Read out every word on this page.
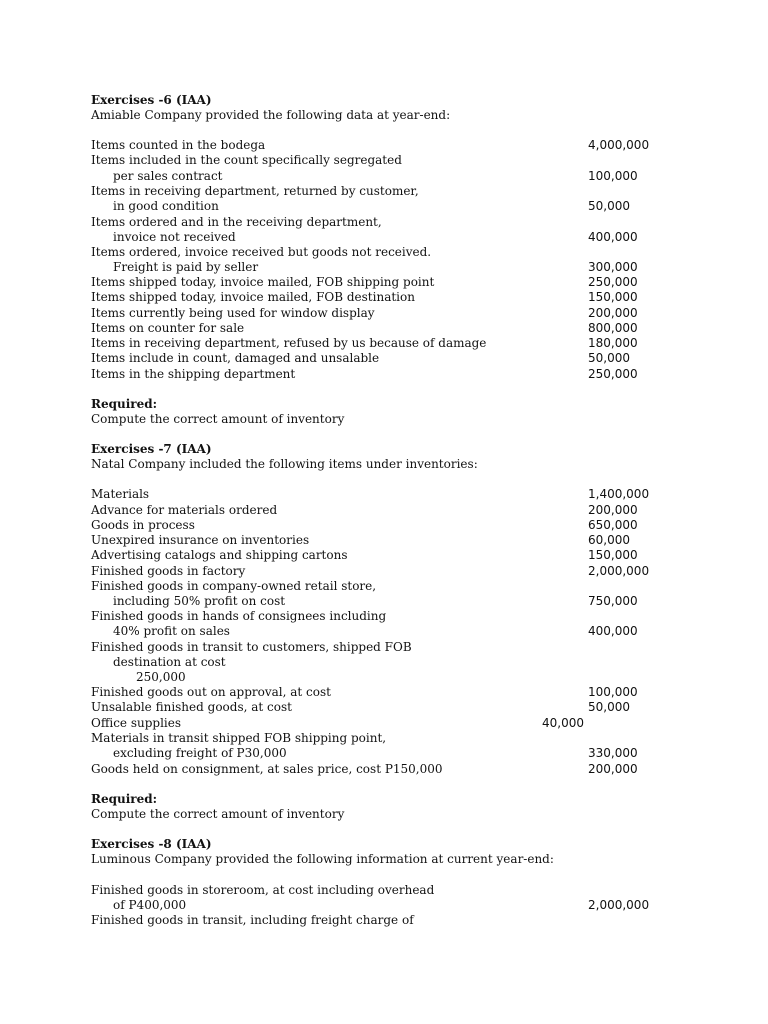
Exercises -6 (IAA)
Amiable Company provided the following data at year-end:
Items counted in the bodega
Items included in the count specifically segregated
per sales contract
Items in receiving department, returned by customer,
in good condition
Items ordered and in the receiving department,
invoice not received
Items ordered, invoice received but goods not received.
Freight is paid by seller
Items shipped today, invoice mailed, FOB shipping point
Items shipped today, invoice mailed, FOB destination
Items currently being used for window display
Items on counter for sale
Items in receiving department, refused by us because of damage
Items include in count, damaged and unsalable
Items in the shipping department
4,000,000
100,000
50,000
400,000
300,000
250,000
150,000
200,000
800,000
180,000
50,000
250,000
Required:
Compute the correct amount of inventory
Exercises -7 (IAA)
Natal Company included the following items under inventories:
Materials
Advance for materials ordered
Goods in process
Unexpired insurance on inventories
Advertising catalogs and shipping cartons
Finished goods in factory
Finished goods in company-owned retail store,
including 50% profit on cost
Finished goods in hands of consignees including
40% profit on sales
Finished goods in transit to customers, shipped FOB
destination at cost
250,000
Finished goods out on approval, at cost
Unsalable finished goods, at cost
Office supplies
Materials in transit shipped FOB shipping point,
excluding freight of P30,000
Goods held on consignment, at sales price, cost P150,000
1,400,000
200,000
650,000
60,000
150,000
2,000,000
750,000
400,000
100,000
50,000
40,000
330,000
200,000
Required:
Compute the correct amount of inventory
Exercises -8 (IAA)
Luminous Company provided the following information at current year-end:
Finished goods in storeroom, at cost including overhead
of P400,000
Finished goods in transit, including freight charge of
2,000,000
